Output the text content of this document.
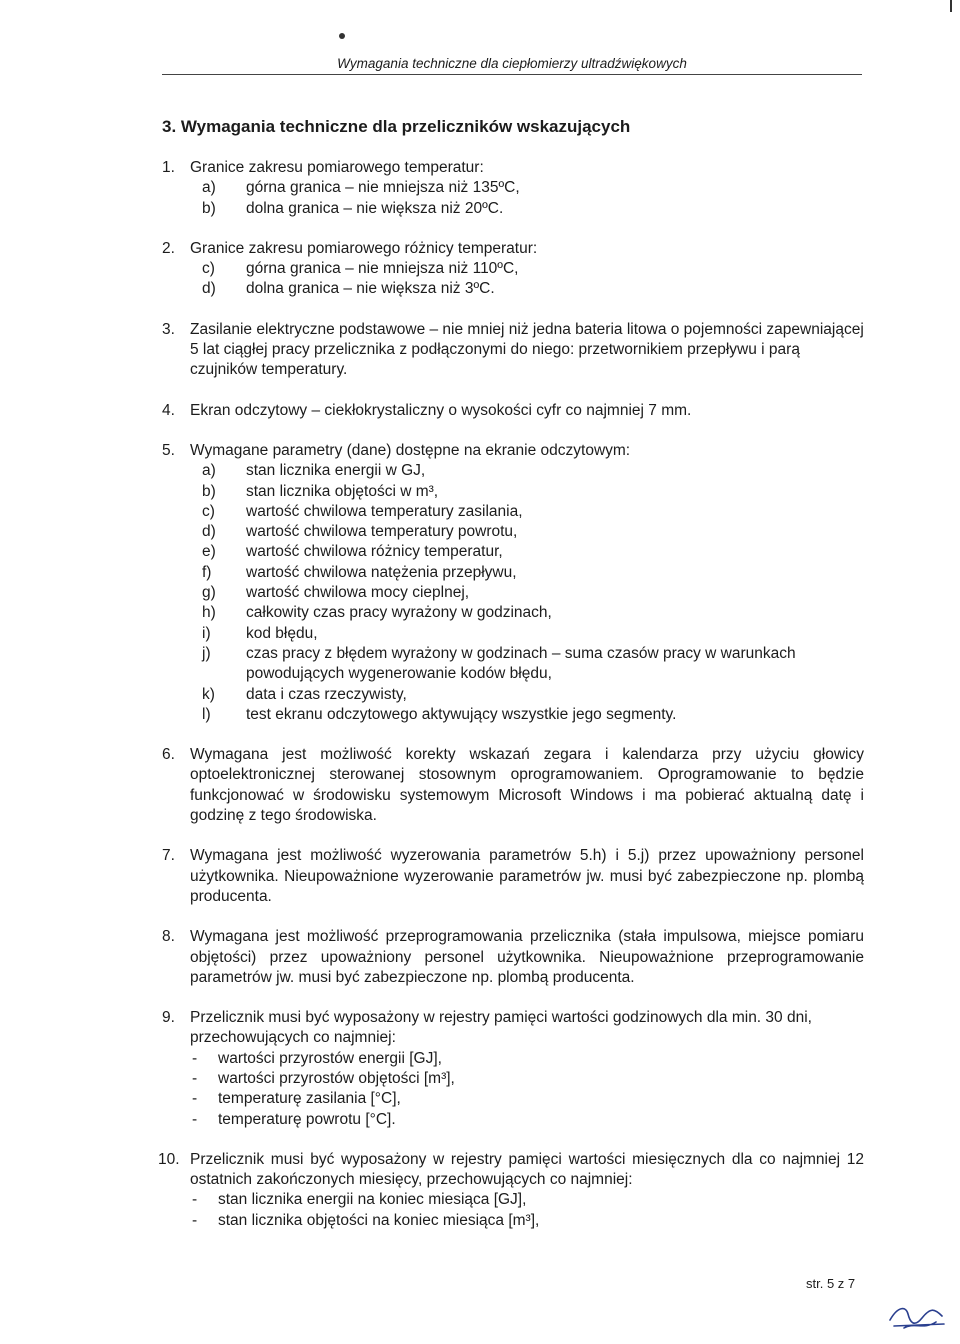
Wymagania techniczne dla ciepłomierzy ultradźwiękowych
3. Wymagania techniczne dla przeliczników wskazujących
1. Granice zakresu pomiarowego temperatur:
a) górna granica – nie mniejsza niż 135ºC,
b) dolna granica – nie większa niż 20ºC.
2. Granice zakresu pomiarowego różnicy temperatur:
c) górna granica – nie mniejsza niż 110ºC,
d) dolna granica – nie większa niż 3ºC.
3. Zasilanie elektryczne podstawowe – nie mniej niż jedna bateria litowa o pojemności zapewniającej 5 lat ciągłej pracy przelicznika z podłączonymi do niego: przetwornikiem przepływu i parą czujników temperatury.
4. Ekran odczytowy – ciekłokrystaliczny o wysokości cyfr co najmniej 7 mm.
5. Wymagane parametry (dane) dostępne na ekranie odczytowym:
a) stan licznika energii w GJ,
b) stan licznika objętości w m³,
c) wartość chwilowa temperatury zasilania,
d) wartość chwilowa temperatury powrotu,
e) wartość chwilowa różnicy temperatur,
f) wartość chwilowa natężenia przepływu,
g) wartość chwilowa mocy cieplnej,
h) całkowity czas pracy wyrażony w godzinach,
i) kod błędu,
j) czas pracy z błędem wyrażony w godzinach – suma czasów pracy w warunkach powodujących wygenerowanie kodów błędu,
k) data i czas rzeczywisty,
l) test ekranu odczytowego aktywujący wszystkie jego segmenty.
6. Wymagana jest możliwość korekty wskazań zegara i kalendarza przy użyciu głowicy optoelektronicznej sterowanej stosownym oprogramowaniem. Oprogramowanie to będzie funkcjonować w środowisku systemowym Microsoft Windows i ma pobierać aktualną datę i godzinę z tego środowiska.
7. Wymagana jest możliwość wyzerowania parametrów 5.h) i 5.j) przez upoważniony personel użytkownika. Nieupoważnione wyzerowanie parametrów jw. musi być zabezpieczone np. plombą producenta.
8. Wymagana jest możliwość przeprogramowania przelicznika (stała impulsowa, miejsce pomiaru objętości) przez upoważniony personel użytkownika. Nieupoważnione przeprogramowanie parametrów jw. musi być zabezpieczone np. plombą producenta.
9. Przelicznik musi być wyposażony w rejestry pamięci wartości godzinowych dla min. 30 dni, przechowujących co najmniej:
- wartości przyrostów energii [GJ],
- wartości przyrostów objętości [m³],
- temperaturę zasilania [°C],
- temperaturę powrotu [°C].
10. Przelicznik musi być wyposażony w rejestry pamięci wartości miesięcznych dla co najmniej 12 ostatnich zakończonych miesięcy, przechowujących co najmniej:
- stan licznika energii na koniec miesiąca [GJ],
- stan licznika objętości na koniec miesiąca [m³],
str. 5 z 7
